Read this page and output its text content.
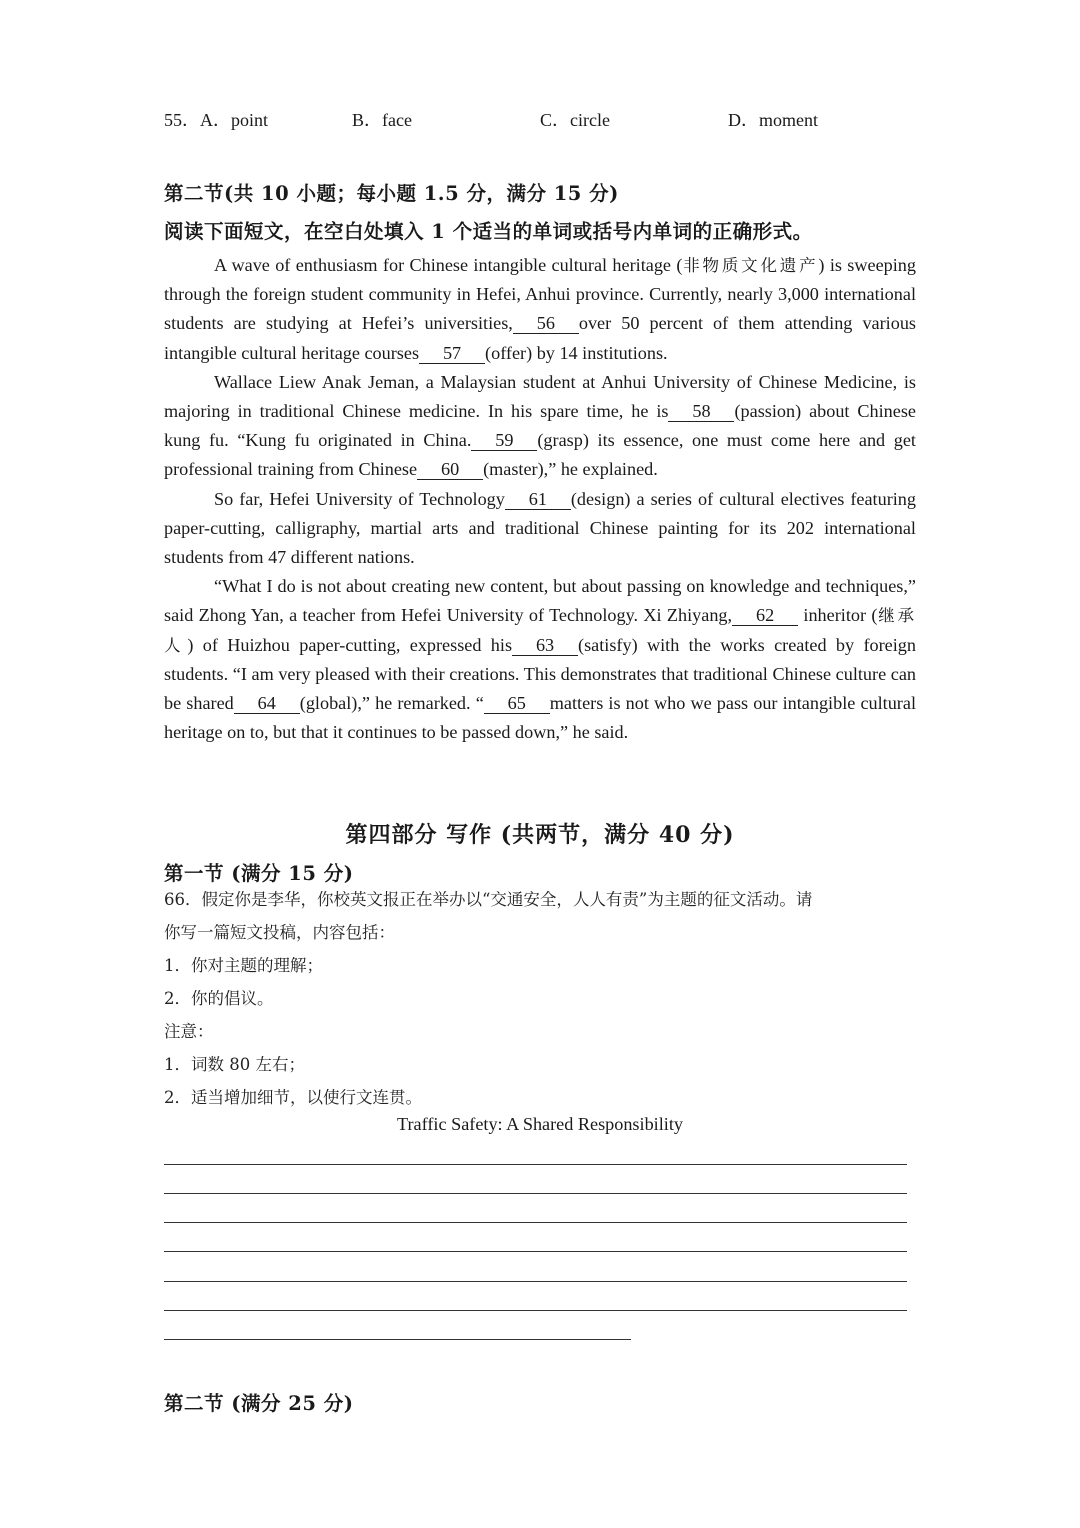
55．A．point	B．face	C．circle	D．moment
第二节(共 10 小题；每小题 1.5 分，满分 15 分)
阅读下面短文，在空白处填入 1 个适当的单词或括号内单词的正确形式。

A wave of enthusiasm for Chinese intangible cultural heritage (非物质文化遗产) is sweeping through the foreign student community in Hefei, Anhui province. Currently, nearly 3,000 international students are studying at Hefei’s universities, 56 over 50 percent of them attending various intangible cultural heritage courses 57 (offer) by 14 institutions.

Wallace Liew Anak Jeman, a Malaysian student at Anhui University of Chinese Medicine, is majoring in traditional Chinese medicine. In his spare time, he is 58 (passion) about Chinese kung fu. “Kung fu originated in China. 59 (grasp) its essence, one must come here and get professional training from Chinese 60 (master),” he explained.

So far, Hefei University of Technology 61 (design) a series of cultural electives featuring paper-cutting, calligraphy, martial arts and traditional Chinese painting for its 202 international students from 47 different nations.

“What I do is not about creating new content, but about passing on knowledge and techniques,” said Zhong Yan, a teacher from Hefei University of Technology. Xi Zhiyang, 62 inheritor (继承人) of Huizhou paper-cutting, expressed his 63 (satisfy) with the works created by foreign students. “I am very pleased with their creations. This demonstrates that traditional Chinese culture can be shared 64 (global),” he remarked. “ 65 matters is not who we pass our intangible cultural heritage on to, but that it continues to be passed down,” he said.

第四部分 写作 (共两节，满分 40 分)
第一节 (满分 15 分)
66．假定你是李华，你校英文报正在举办以“交通安全，人人有责”为主题的征文活动。请
你写一篇短文投稿，内容包括：
1．你对主题的理解；
2．你的倡议。
注意：
1．词数 80 左右；
2．适当增加细节，以使行文连贯。
Traffic Safety: A Shared Responsibility
第二节 (满分 25 分)
